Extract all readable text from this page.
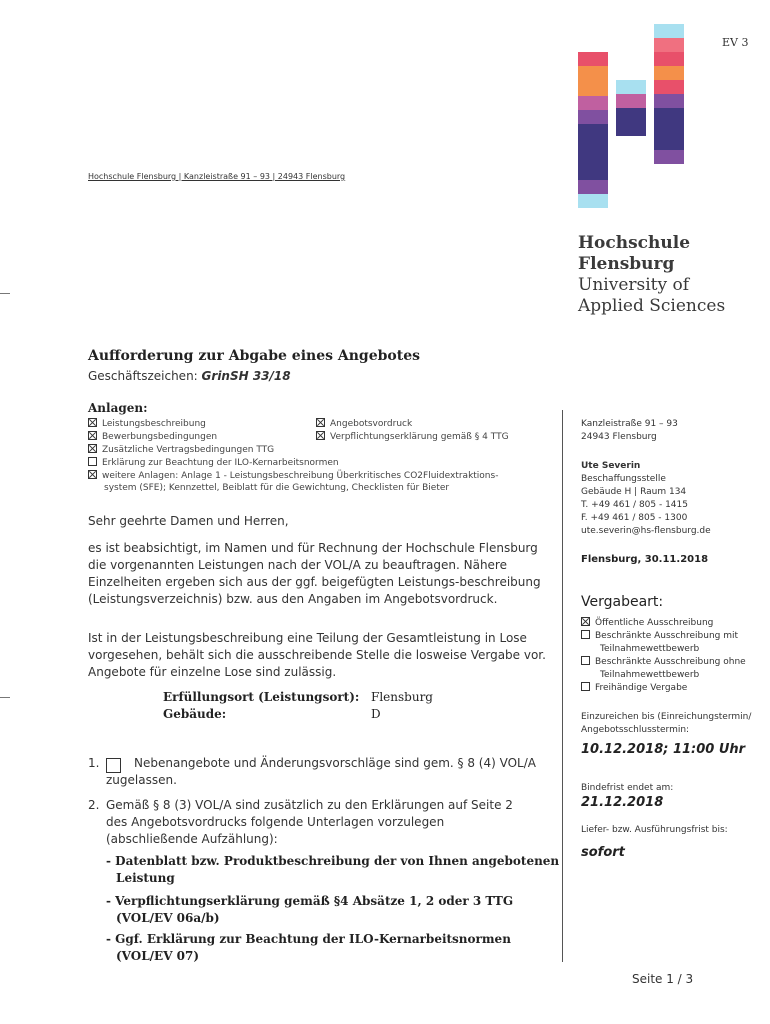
EV 3
Hochschule
Flensburg
University of
Applied Sciences
Hochschule Flensburg | Kanzleistraße 91 – 93 | 24943 Flensburg
Aufforderung zur Abgabe eines Angebotes
Geschäftszeichen: GrinSH 33/18
Anlagen:
Leistungsbeschreibung	Angebotsvordruck
Bewerbungsbedingungen	Verpflichtungserklärung gemäß § 4 TTG
Zusätzliche Vertragsbedingungen TTG
Erklärung zur Beachtung der ILO-Kernarbeitsnormen
weitere Anlagen: Anlage 1 - Leistungsbeschreibung Überkritisches CO2Fluidextraktions-
system (SFE); Kennzettel, Beiblatt für die Gewichtung, Checklisten für Bieter
Sehr geehrte Damen und Herren,
es ist beabsichtigt, im Namen und für Rechnung der Hochschule Flensburg die vorgenannten Leistungen nach der VOL/A zu beauftragen. Nähere Einzelheiten ergeben sich aus der ggf. beigefügten Leistungs-beschreibung (Leistungsverzeichnis) bzw. aus den Angaben im Angebotsvordruck.
Ist in der Leistungsbeschreibung eine Teilung der Gesamtleistung in Lose vorgesehen, behält sich die ausschreibende Stelle die losweise Vergabe vor. Angebote für einzelne Lose sind zulässig.
Erfüllungsort (Leistungsort): Flensburg
Gebäude:	D
1.	Nebenangebote und Änderungsvorschläge sind gem. § 8 (4) VOL/A
zugelassen.
2. Gemäß § 8 (3) VOL/A sind zusätzlich zu den Erklärungen auf Seite 2
des Angebotsvordrucks folgende Unterlagen vorzulegen
(abschließende Aufzählung):
- Datenblatt bzw. Produktbeschreibung der von Ihnen angebotenen
Leistung
- Verpflichtungserklärung gemäß §4 Absätze 1, 2 oder 3 TTG
(VOL/EV 06a/b)
- Ggf. Erklärung zur Beachtung der ILO-Kernarbeitsnormen
(VOL/EV 07)
Kanzleistraße 91 – 93
24943 Flensburg
Ute Severin
Beschaffungsstelle
Gebäude H | Raum 134
T. +49 461 / 805 - 1415
F. +49 461 / 805 - 1300
ute.severin@hs-flensburg.de
Flensburg, 30.11.2018
Vergabeart:
Öffentliche Ausschreibung
Beschränkte Ausschreibung mit
Teilnahmewettbewerb
Beschränkte Ausschreibung ohne
Teilnahmewettbewerb
Freihändige Vergabe
Einzureichen bis (Einreichungstermin/
Angebotsschlusstermin:
10.12.2018; 11:00 Uhr
Bindefrist endet am:
21.12.2018
Liefer- bzw. Ausführungsfrist bis:
sofort
Seite 1 / 3
